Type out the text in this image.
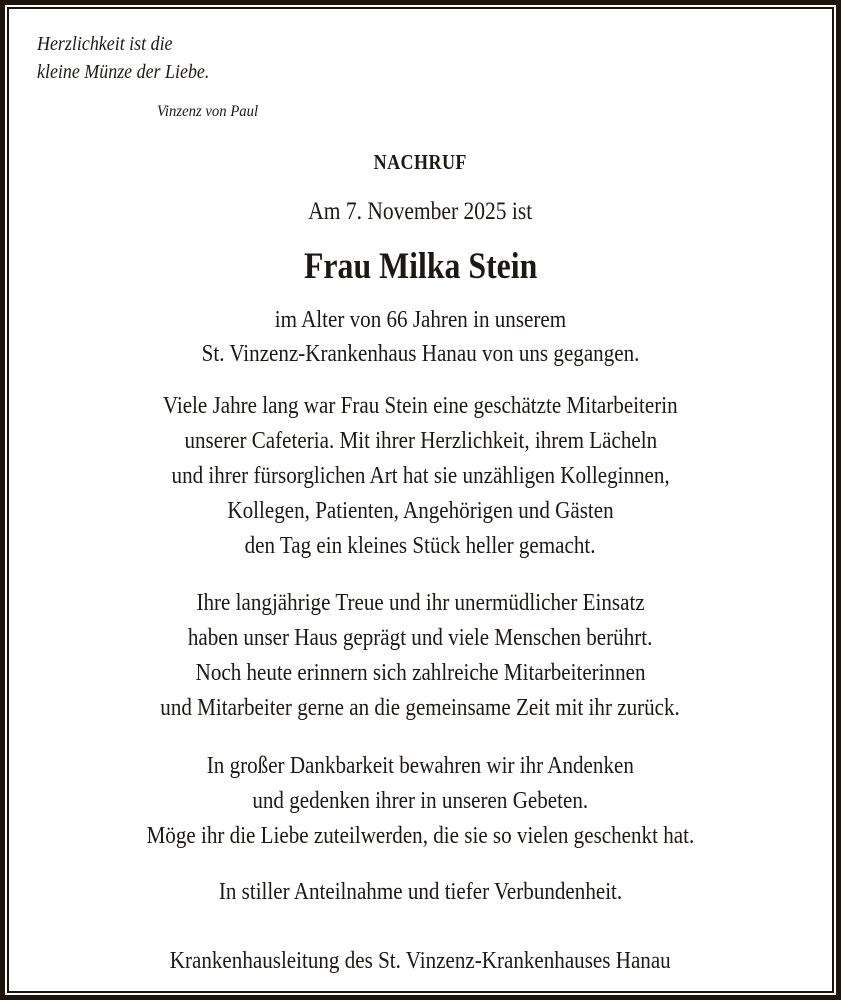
Herzlichkeit ist die
kleine Münze der Liebe.
Vinzenz von Paul
NACHRUF
Am 7. November 2025 ist
Frau Milka Stein
im Alter von 66 Jahren in unserem
St. Vinzenz-Krankenhaus Hanau von uns gegangen.
Viele Jahre lang war Frau Stein eine geschätzte Mitarbeiterin
unserer Cafeteria. Mit ihrer Herzlichkeit, ihrem Lächeln
und ihrer fürsorglichen Art hat sie unzähligen Kolleginnen,
Kollegen, Patienten, Angehörigen und Gästen
den Tag ein kleines Stück heller gemacht.
Ihre langjährige Treue und ihr unermüdlicher Einsatz
haben unser Haus geprägt und viele Menschen berührt.
Noch heute erinnern sich zahlreiche Mitarbeiterinnen
und Mitarbeiter gerne an die gemeinsame Zeit mit ihr zurück.
In großer Dankbarkeit bewahren wir ihr Andenken
und gedenken ihrer in unseren Gebeten.
Möge ihr die Liebe zuteilwerden, die sie so vielen geschenkt hat.
In stiller Anteilnahme und tiefer Verbundenheit.
Krankenhausleitung des St. Vinzenz-Krankenhauses Hanau
